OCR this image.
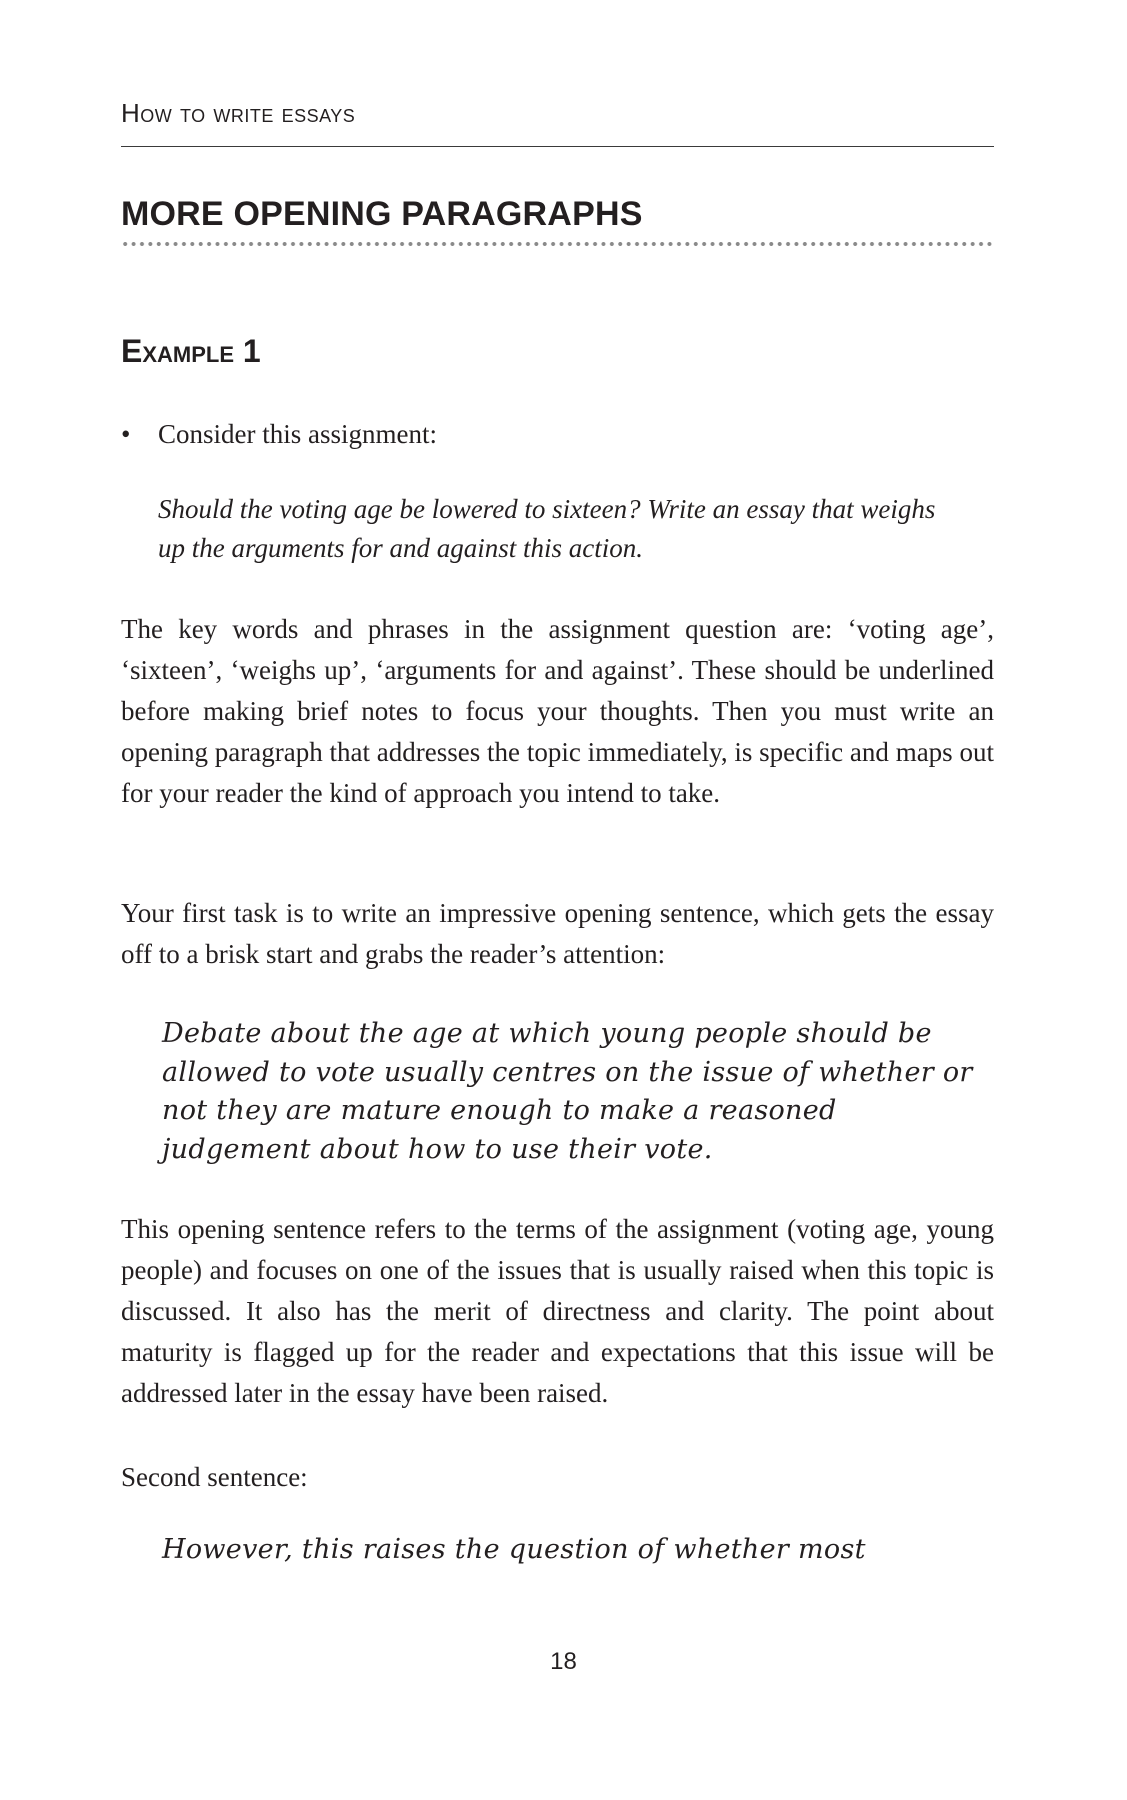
How to write essays
MORE OPENING PARAGRAPHS
Example 1
• Consider this assignment:
Should the voting age be lowered to sixteen? Write an essay that weighs up the arguments for and against this action.
The key words and phrases in the assignment question are: ‘voting age’, ‘sixteen’, ‘weighs up’, ‘arguments for and against’. These should be underlined before making brief notes to focus your thoughts. Then you must write an opening paragraph that addresses the topic immediately, is specific and maps out for your reader the kind of approach you intend to take.
Your first task is to write an impressive opening sentence, which gets the essay off to a brisk start and grabs the reader’s attention:
Debate about the age at which young people should be allowed to vote usually centres on the issue of whether or not they are mature enough to make a reasoned judgement about how to use their vote.
This opening sentence refers to the terms of the assignment (voting age, young people) and focuses on one of the issues that is usually raised when this topic is discussed. It also has the merit of directness and clarity. The point about maturity is flagged up for the reader and expectations that this issue will be addressed later in the essay have been raised.
Second sentence:
However, this raises the question of whether most
18
